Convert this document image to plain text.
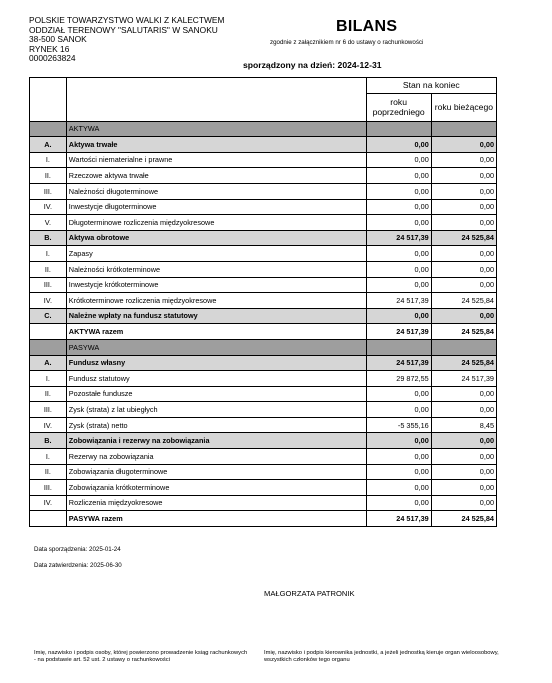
POLSKIE TOWARZYSTWO WALKI Z KALECTWEM
ODDZIAŁ TERENOWY "SALUTARIS" W SANOKU
38-500 SANOK
RYNEK 16
0000263824
BILANS
zgodnie z załącznikiem nr 6 do ustawy o rachunkowości
sporządzony na dzień: 2024-12-31
		Stan na koniec	
		roku poprzedniego	roku bieżącego
	AKTYWA		
A.	Aktywa trwałe	0,00	0,00
I.	Wartości niematerialne i prawne	0,00	0,00
II.	Rzeczowe aktywa trwałe	0,00	0,00
III.	Należności długoterminowe	0,00	0,00
IV.	Inwestycje długoterminowe	0,00	0,00
V.	Długoterminowe rozliczenia międzyokresowe	0,00	0,00
B.	Aktywa obrotowe	24 517,39	24 525,84
I.	Zapasy	0,00	0,00
II.	Należności krótkoterminowe	0,00	0,00
III.	Inwestycje krótkoterminowe	0,00	0,00
IV.	Krótkoterminowe rozliczenia międzyokresowe	24 517,39	24 525,84
C.	Należne wpłaty na fundusz statutowy	0,00	0,00
	AKTYWA razem	24 517,39	24 525,84
	PASYWA		
A.	Fundusz własny	24 517,39	24 525,84
I.	Fundusz statutowy	29 872,55	24 517,39
II.	Pozostałe fundusze	0,00	0,00
III.	Zysk (strata) z lat ubiegłych	0,00	0,00
IV.	Zysk (strata) netto	-5 355,16	8,45
B.	Zobowiązania i rezerwy na zobowiązania	0,00	0,00
I.	Rezerwy na zobowiązania	0,00	0,00
II.	Zobowiązania długoterminowe	0,00	0,00
III.	Zobowiązania krótkoterminowe	0,00	0,00
IV.	Rozliczenia międzyokresowe	0,00	0,00
	PASYWA razem	24 517,39	24 525,84
Data sporządzenia: 2025-01-24
Data zatwierdzenia: 2025-06-30
MAŁGORZATA PATRONIK
Imię, nazwisko i podpis osoby, której powierzono prowadzenie ksiąg rachunkowych - na podstawie art. 52 ust. 2 ustawy o rachunkowości
Imię, nazwisko i podpis kierownika jednostki, a jeżeli jednostką kieruje organ wieloosobowy, wszystkich członków tego organu
